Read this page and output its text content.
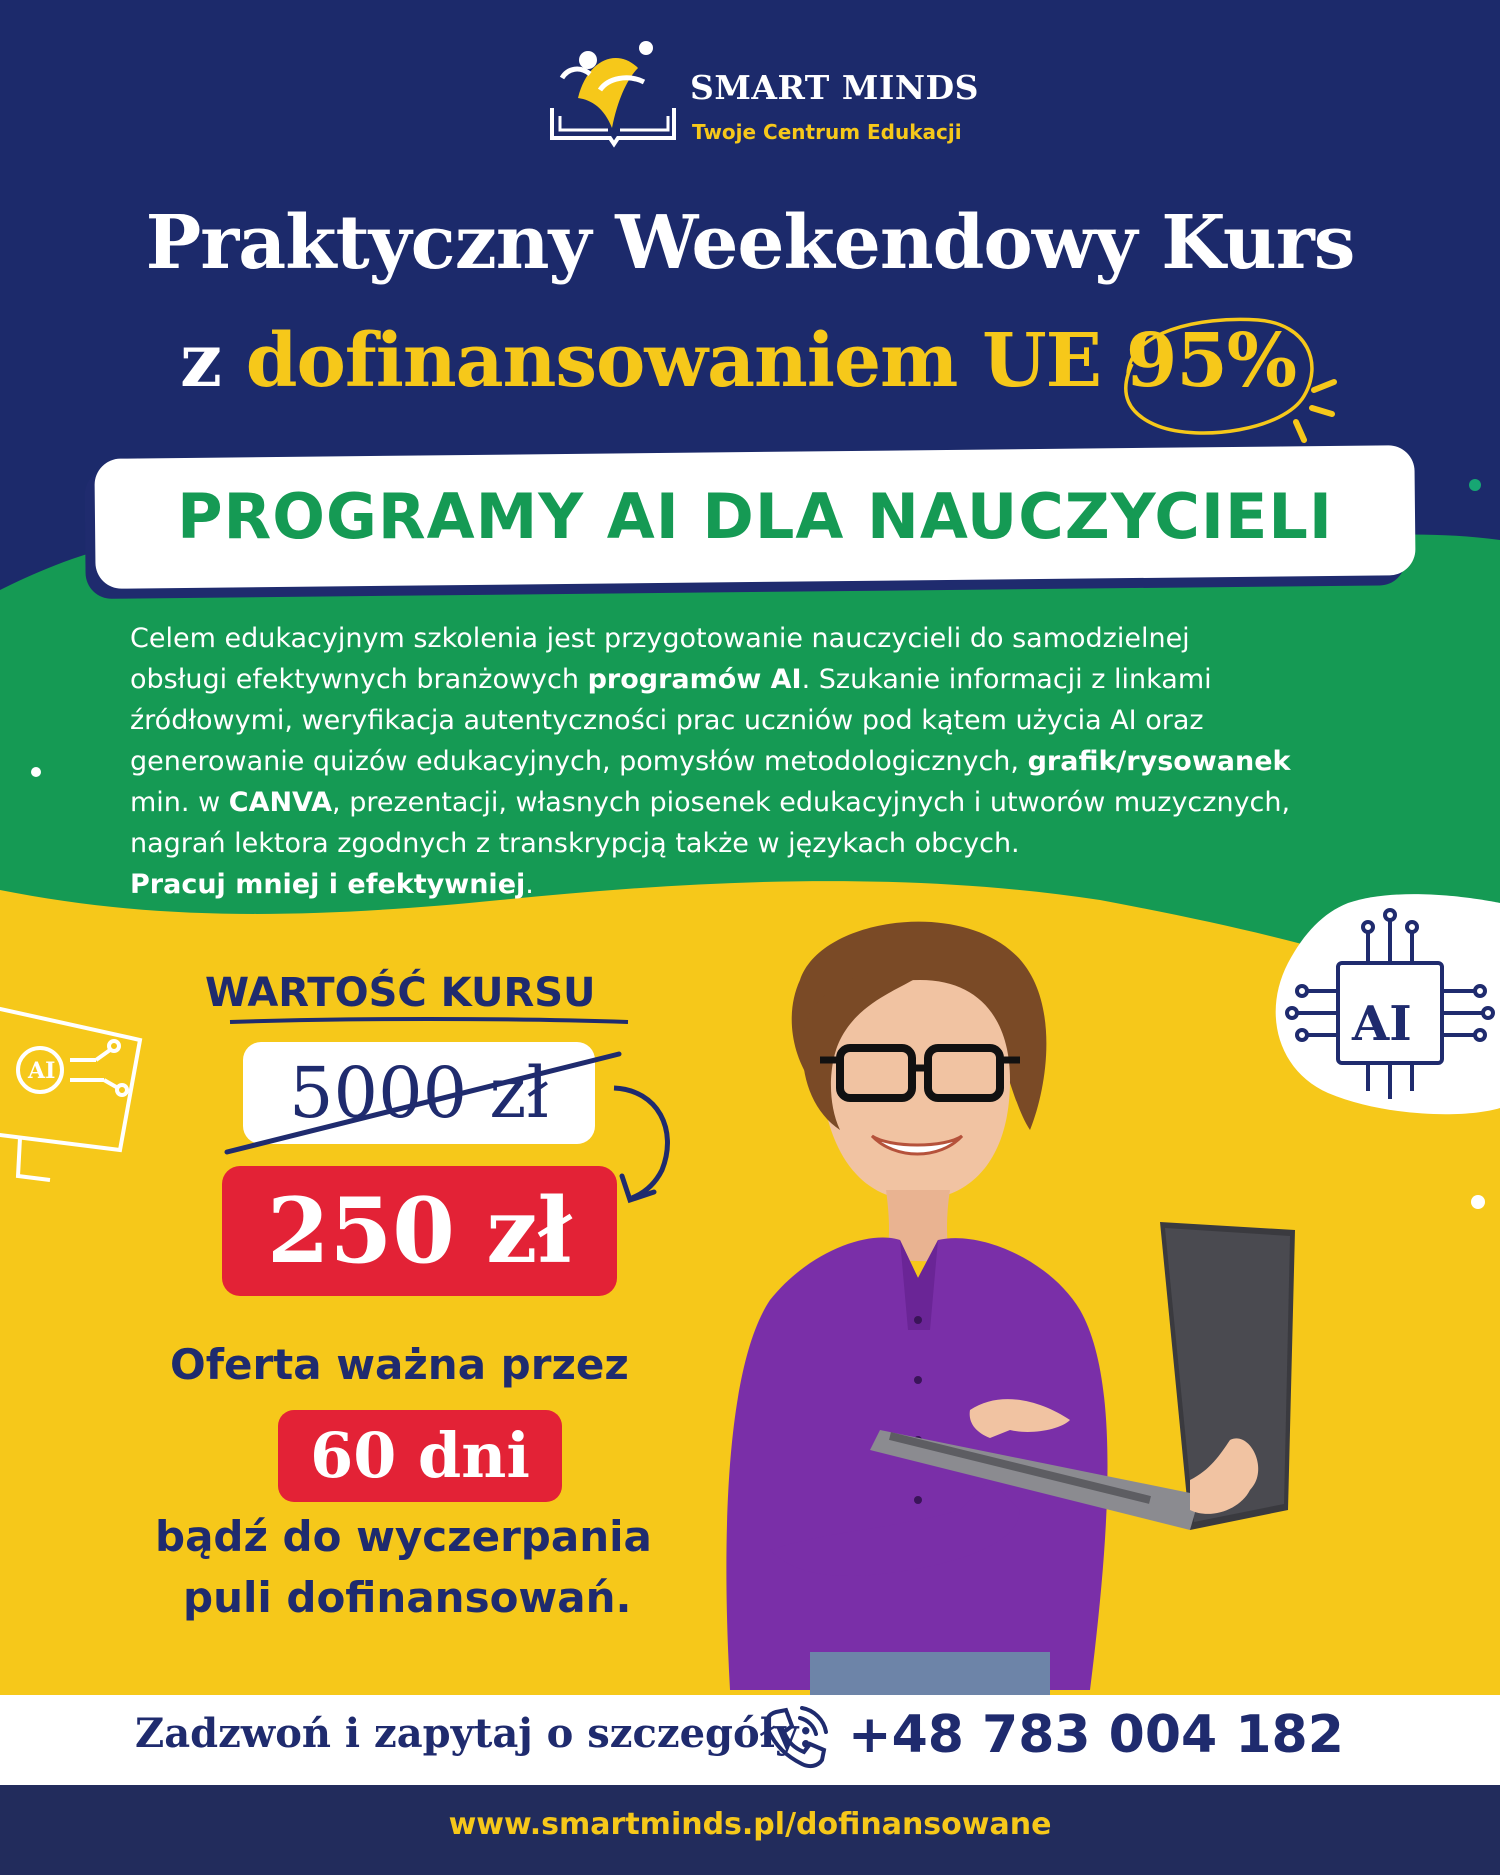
SMART MINDS
Twoje Centrum Edukacji
Praktyczny Weekendowy Kurs
z dofinansowaniem UE 95%
PROGRAMY AI DLA NAUCZYCIELI
Celem edukacyjnym szkolenia jest przygotowanie nauczycieli do samodzielnej
obsługi efektywnych branżowych programów AI. Szukanie informacji z linkami
źródłowymi, weryfikacja autentyczności prac uczniów pod kątem użycia AI oraz
generowanie quizów edukacyjnych, pomysłów metodologicznych, grafik/rysowanek
min. w CANVA, prezentacji, własnych piosenek edukacyjnych i utworów muzycznych,
nagrań lektora zgodnych z transkrypcją także w językach obcych.
Pracuj mniej i efektywniej.
AI
AI
WARTOŚĆ KURSU
5000 zł
250 zł
Oferta ważna przez
60 dni
bądź do wyczerpania
puli dofinansowań.
Zadzwoń i zapytaj o szczegóły: +48 783 004 182
www.smartminds.pl/dofinansowane
